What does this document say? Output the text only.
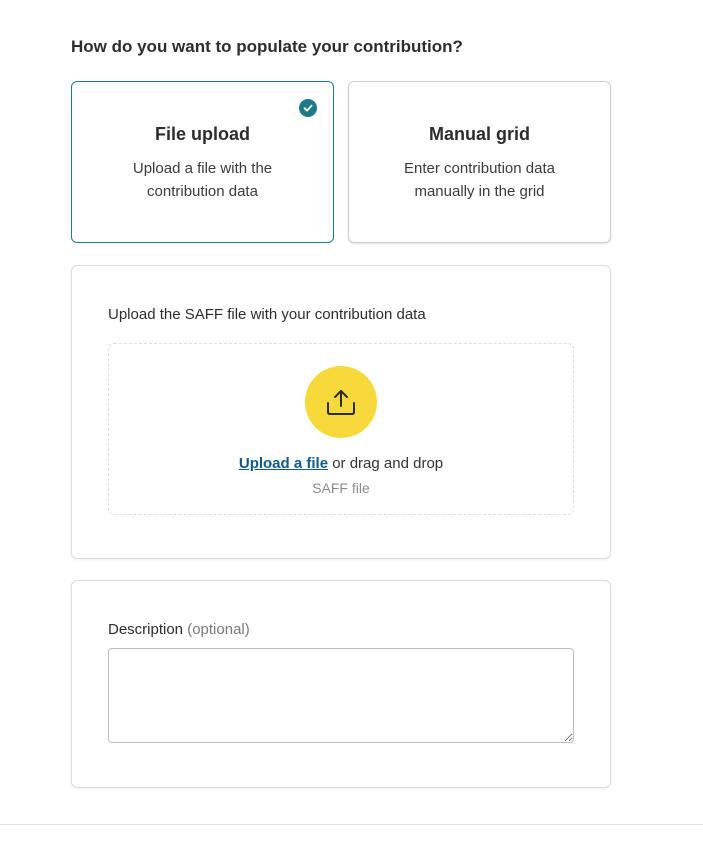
How do you want to populate your contribution?
File upload
Upload a file with the contribution data
Manual grid
Enter contribution data manually in the grid
Upload the SAFF file with your contribution data
Upload a file or drag and drop
SAFF file
Description (optional)
